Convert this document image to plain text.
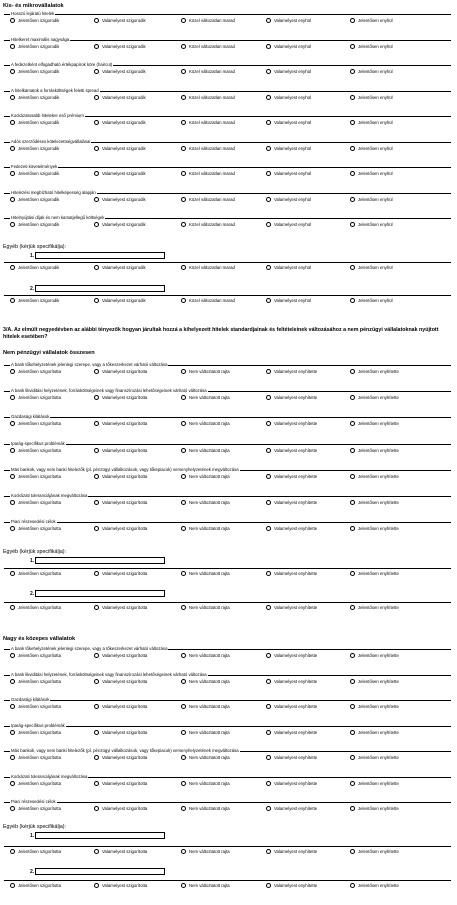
Kis- és mikrovállalatok
Hosszú lejáratú hitelek
Jelentősen szigorodik	Valamelyest szigorodik	Közel változatlan marad	Valamelyest enyhül	Jelentősen enyhül
Hitelkeret maximális nagysága
Jelentősen szigorodik	Valamelyest szigorodik	Közel változatlan marad	Valamelyest enyhül	Jelentősen enyhül
A fedezetként elfogadható értékpapírok köre (haircut)
Jelentősen szigorodik	Valamelyest szigorodik	Közel változatlan marad	Valamelyest enyhül	Jelentősen enyhül
A hitelkamatok a forrásköltségek feletti spread
Jelentősen szigorodik	Valamelyest szigorodik	Közel változatlan marad	Valamelyest enyhül	Jelentősen enyhül
Kockázatosabb hitelekre eső prémium
Jelentősen szigorodik	Valamelyest szigorodik	Közel változatlan marad	Valamelyest enyhül	Jelentősen enyhül
Adós szerződéses kötelezettségvállalásai
Jelentősen szigorodik	Valamelyest szigorodik	Közel változatlan marad	Valamelyest enyhül	Jelentősen enyhül
Fedezeti követelmények
Jelentősen szigorodik	Valamelyest szigorodik	Közel változatlan marad	Valamelyest enyhül	Jelentősen enyhül
Hitelezési megbízható hitelképesség alapján
Jelentősen szigorodik	Valamelyest szigorodik	Közel változatlan marad	Valamelyest enyhül	Jelentősen enyhül
Hitelnyújtási díjak és nem kamatjellegű költségek
Jelentősen szigorodik	Valamelyest szigorodik	Közel változatlan marad	Valamelyest enyhül	Jelentősen enyhül
Egyéb (kérjük specifikálja):
1.
Jelentősen szigorodik	Valamelyest szigorodik	Közel változatlan marad	Valamelyest enyhül	Jelentősen enyhül
2.
Jelentősen szigorodik	Valamelyest szigorodik	Közel változatlan marad	Valamelyest enyhül	Jelentősen enyhül
3/A. Az elmúlt negyedévben az alábbi tényezők hogyan járultak hozzá a kihelyezett hitelek standardjainak és feltételeinek változásához a nem pénzügyi vállalatoknak nyújtott hitelek esetében?
Nem pénzügyi vállalatok összesen
A bank tőkehelyzetének jelenlegi szerepe, vagy a tőkeszerkezet várható változása
Jelentősen szigorította	Valamelyest szigorította	Nem változtatott rajta	Valamelyest enyhítette	Jelentősen enyhítette
A bank likviditási helyzetének, forrásköltségeinek vagy finanszírozási lehetőségeinek várható változása
Jelentősen szigorította	Valamelyest szigorította	Nem változtatott rajta	Valamelyest enyhítette	Jelentősen enyhítette
Gazdasági kilátások
Jelentősen szigorította	Valamelyest szigorította	Nem változtatott rajta	Valamelyest enyhítette	Jelentősen enyhítette
Iparág-specifikus problémák
Jelentősen szigorította	Valamelyest szigorította	Nem változtatott rajta	Valamelyest enyhítette	Jelentősen enyhítette
Más bankok, vagy nem banki hitelezők (pl. pénzügyi vállalkozások, vagy tőkepiacok) versenyhelyzetének megváltozása
Jelentősen szigorította	Valamelyest szigorította	Nem változtatott rajta	Valamelyest enyhítette	Jelentősen enyhítette
Kockázati toleranciájának megváltozása
Jelentősen szigorította	Valamelyest szigorította	Nem változtatott rajta	Valamelyest enyhítette	Jelentősen enyhítette
Piaci részesedési célok
Jelentősen szigorította	Valamelyest szigorította	Nem változtatott rajta	Valamelyest enyhítette	Jelentősen enyhítette
Egyéb (kérjük specifikálja):
1.
Jelentősen szigorította	Valamelyest szigorította	Nem változtatott rajta	Valamelyest enyhítette	Jelentősen enyhítette
2.
Jelentősen szigorította	Valamelyest szigorította	Nem változtatott rajta	Valamelyest enyhítette	Jelentősen enyhítette
Nagy és közepes vállalatok
A bank tőkehelyzetének jelenlegi szerepe, vagy a tőkeszerkezet várható változása
Jelentősen szigorította	Valamelyest szigorította	Nem változtatott rajta	Valamelyest enyhítette	Jelentősen enyhítette
A bank likviditási helyzetének, forrásköltségeinek vagy finanszírozási lehetőségeinek várható változása
Jelentősen szigorította	Valamelyest szigorította	Nem változtatott rajta	Valamelyest enyhítette	Jelentősen enyhítette
Gazdasági kilátások
Jelentősen szigorította	Valamelyest szigorította	Nem változtatott rajta	Valamelyest enyhítette	Jelentősen enyhítette
Iparág-specifikus problémák
Jelentősen szigorította	Valamelyest szigorította	Nem változtatott rajta	Valamelyest enyhítette	Jelentősen enyhítette
Más bankok, vagy nem banki hitelezők (pl. pénzügyi vállalkozások, vagy tőkepiacok) versenyhelyzetének megváltozása
Jelentősen szigorította	Valamelyest szigorította	Nem változtatott rajta	Valamelyest enyhítette	Jelentősen enyhítette
Kockázati toleranciájának megváltozása
Jelentősen szigorította	Valamelyest szigorította	Nem változtatott rajta	Valamelyest enyhítette	Jelentősen enyhítette
Piaci részesedési célok
Jelentősen szigorította	Valamelyest szigorította	Nem változtatott rajta	Valamelyest enyhítette	Jelentősen enyhítette
Egyéb (kérjük specifikálja):
1.
Jelentősen szigorította	Valamelyest szigorította	Nem változtatott rajta	Valamelyest enyhítette	Jelentősen enyhítette
2.
Jelentősen szigorította	Valamelyest szigorította	Nem változtatott rajta	Valamelyest enyhítette	Jelentősen enyhítette
